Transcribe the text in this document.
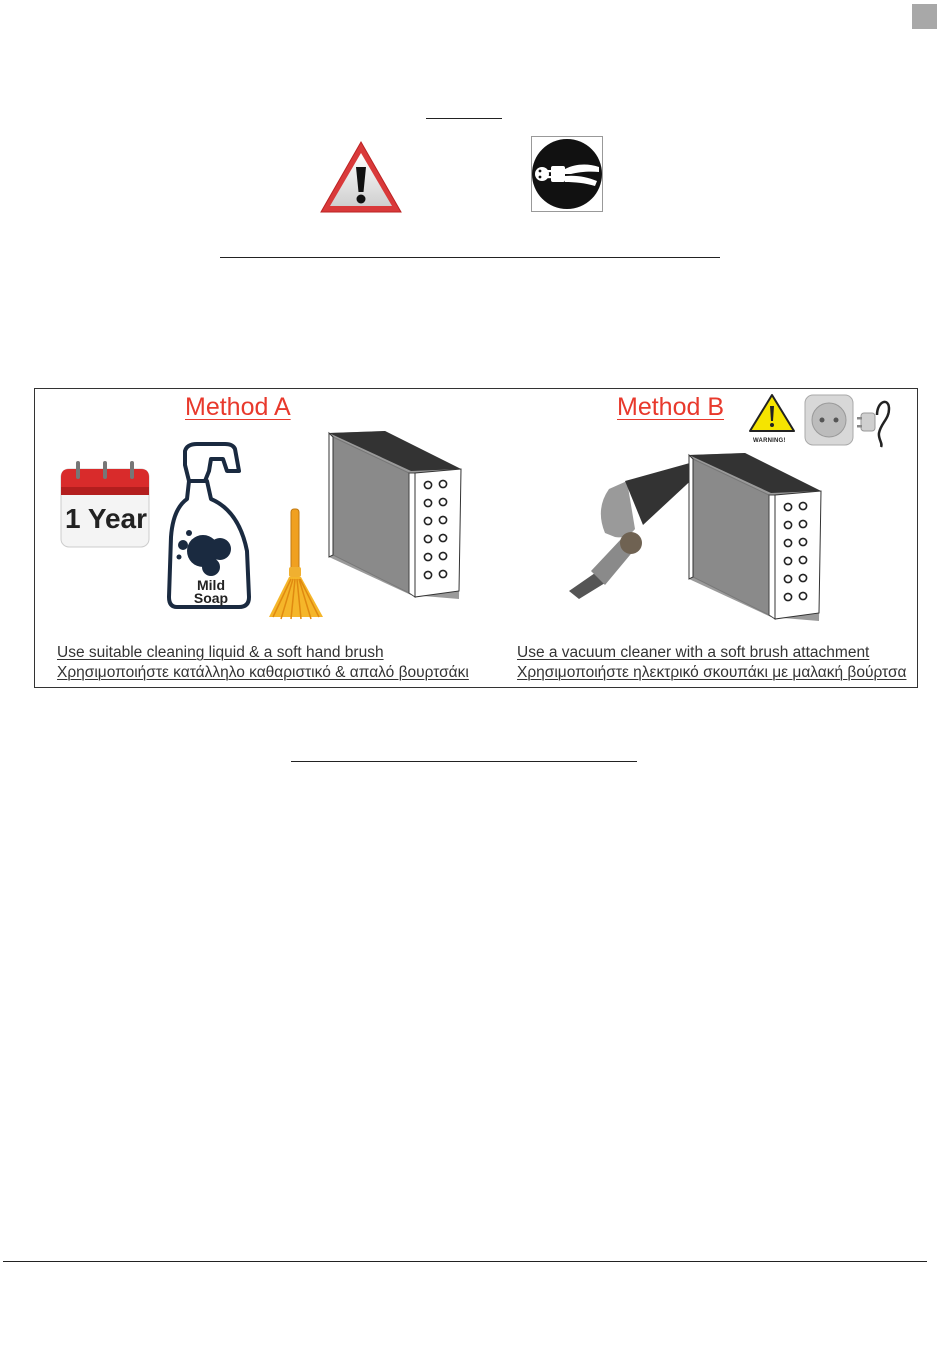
Method A
1 Year
Mild
Soap
Use suitable cleaning liquid & a soft hand brush
Χρησιμοποιήστε κατάλληλο καθαριστικό & απαλό βουρτσάκι
Method B
WARNING!
Use a vacuum cleaner with a soft brush attachment
Χρησιμοποιήστε ηλεκτρικό σκουπάκι με μαλακή βούρτσα
